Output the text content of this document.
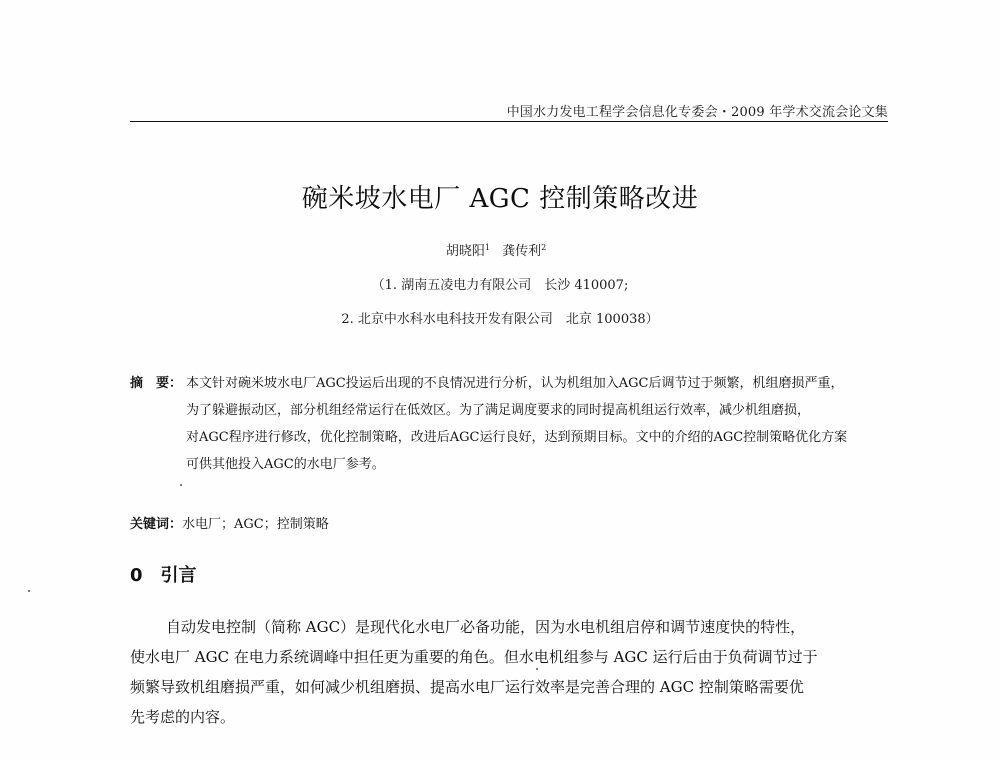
中国水力发电工程学会信息化专委会・2009 年学术交流会论文集
碗米坡水电厂 AGC 控制策略改进
胡晓阳$^1$ 龚传利$^2$
（1. 湖南五凌电力有限公司　长沙 410007;
2. 北京中水科水电科技开发有限公司　北京 100038）
摘　要： 本文针对碗米坡水电厂AGC投运后出现的不良情况进行分析，认为机组加入AGC后调节过于频繁，机组磨损严重，
为了躲避振动区，部分机组经常运行在低效区。为了满足调度要求的同时提高机组运行效率，减少机组磨损，
对AGC程序进行修改，优化控制策略，改进后AGC运行良好，达到预期目标。文中的介绍的AGC控制策略优化方案
可供其他投入AGC的水电厂参考。
关键词：水电厂；AGC；控制策略
0 引言
自动发电控制（简称 AGC）是现代化水电厂必备功能，因为水电机组启停和调节速度快的特性，
使水电厂 AGC 在电力系统调峰中担任更为重要的角色。但水电机组参与 AGC 运行后由于负荷调节过于
频繁导致机组磨损严重，如何减少机组磨损、提高水电厂运行效率是完善合理的 AGC 控制策略需要优
先考虑的内容。
